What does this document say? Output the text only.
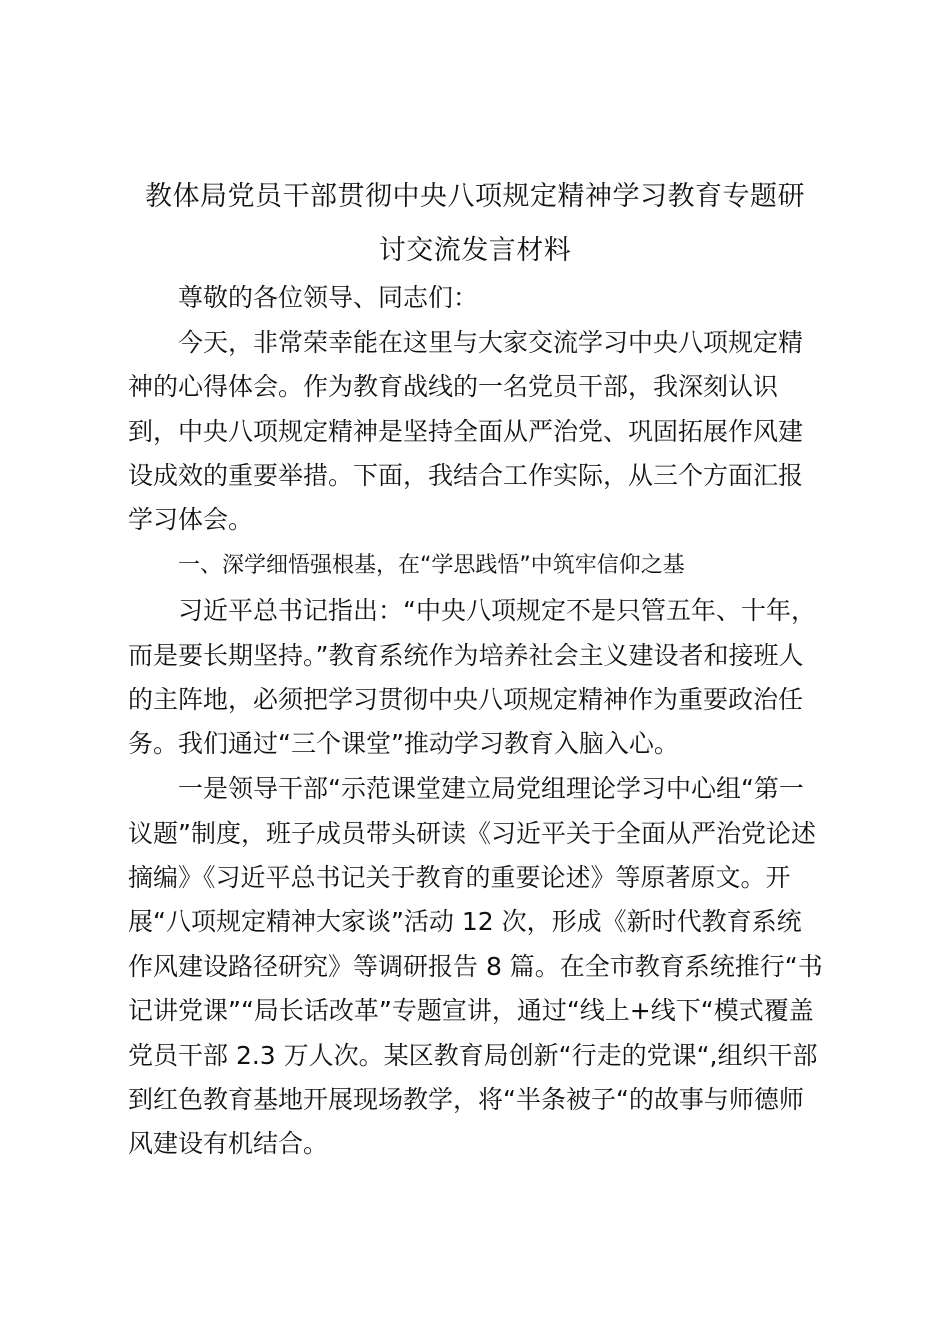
教体局党员干部贯彻中央八项规定精神学习教育专题研
讨交流发言材料

尊敬的各位领导、同志们：

今天，非常荣幸能在这里与大家交流学习中央八项规定精

神的心得体会。作为教育战线的一名党员干部，我深刻认识

到，中央八项规定精神是坚持全面从严治党、巩固拓展作风建

设成效的重要举措。下面，我结合工作实际，从三个方面汇报

学习体会。

一、深学细悟强根基，在“学思践悟”中筑牢信仰之基

习近平总书记指出：“中央八项规定不是只管五年、十年，

而是要长期坚持。”教育系统作为培养社会主义建设者和接班人

的主阵地，必须把学习贯彻中央八项规定精神作为重要政治任

务。我们通过“三个课堂”推动学习教育入脑入心。

一是领导干部“示范课堂建立局党组理论学习中心组“第一

议题”制度，班子成员带头研读《习近平关于全面从严治党论述

摘编》《习近平总书记关于教育的重要论述》等原著原文。开

展“八项规定精神大家谈”活动 12 次，形成《新时代教育系统

作风建设路径研究》等调研报告 8 篇。在全市教育系统推行“书

记讲党课”“局长话改革”专题宣讲，通过“线上+线下“模式覆盖

党员干部 2.3 万人次。某区教育局创新“行走的党课“,组织干部

到红色教育基地开展现场教学，将“半条被子“的故事与师德师

风建设有机结合。
